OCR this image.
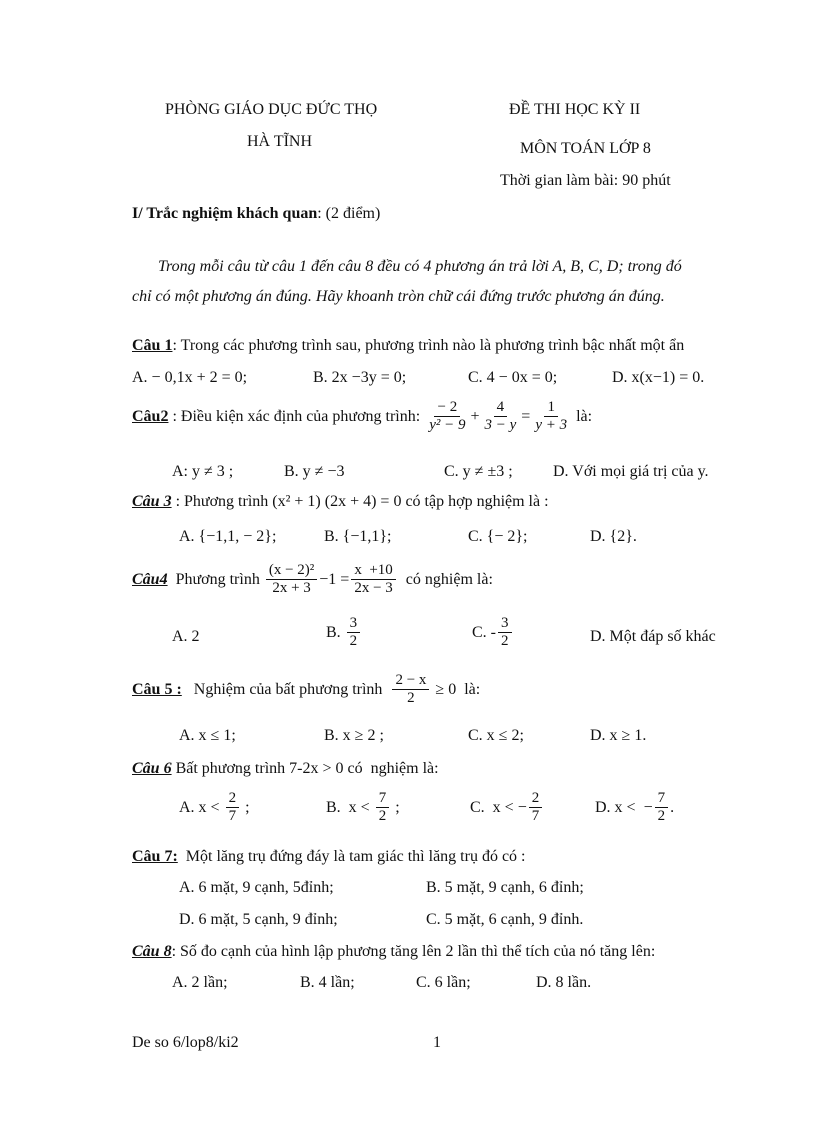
PHÒNG GIÁO DỤC ĐỨC THỌ
HÀ TĨNH
ĐỀ THI HỌC KỲ II
MÔN TOÁN LỚP 8
Thời gian làm bài: 90 phút
I/ Trắc nghiệm khách quan: (2 điểm)
Trong mỗi câu từ câu 1 đến câu 8 đều có 4 phương án trả lời A, B, C, D; trong đó
chỉ có một phương án đúng. Hãy khoanh tròn chữ cái đứng trước phương án đúng.
Câu 1: Trong các phương trình sau, phương trình nào là phương trình bậc nhất một ẩn
A. − 0,1x + 2 = 0;	B. 2x −3y = 0;	C. 4 − 0x = 0;	D. x(x−1) = 0.
Câu2 : Điều kiện xác định của phương trình: $\frac{- 2}{\text{y² − 9}} + \frac{4}{3 - y} = \frac{1}{y + 3}$ là:
A: y ≠ 3 ;	B. y ≠ −3	C. y ≠ ±3 ;	D. Với mọi giá trị của y.
Câu 3 : Phương trình (x² + 1) (2x + 4) = 0 có tập hợp nghiệm là :
A. {−1,1, − 2};	B. {−1,1};	C. {− 2};	D. {2}.
Câu4 Phương trình $\frac{\text{(x − 2)²}}{2x + 3} -1 = \frac{x +10}{2x - 3}$ có nghiệm là:
A. 2	B. $\frac{3}{2}$	C. - $\frac{3}{2}$	D. Một đáp số khác
Câu 5 : Nghiệm của bất phương trình $\frac{2 - x}{2} \ge 0$  là:
A. x ≤ 1;	B. x ≥ 2 ;	C. x ≤ 2;	D. x ≥ 1.
Câu 6 Bất phương trình 7-2x > 0 có  nghiệm là:
A. $x < \frac{2}{7}$ ;	B.  $x < \frac{7}{2}$ ;	C.  x < − $\frac{2}{7}$	D. x <  − $\frac{7}{2}$ .
Câu 7:  Một lăng trụ đứng đáy là tam giác thì lăng trụ đó có :
A. 6 mặt, 9 cạnh, 5đỉnh;	B. 5 mặt, 9 cạnh, 6 đỉnh;
D. 6 mặt, 5 cạnh, 9 đỉnh;	C. 5 mặt, 6 cạnh, 9 đỉnh.
Câu 8: Số đo cạnh của hình lập phương tăng lên 2 lần thì thể tích của nó tăng lên:
A. 2 lần;	B. 4 lần;	C. 6 lần;	D. 8 lần.
De so 6/lop8/ki2	1
